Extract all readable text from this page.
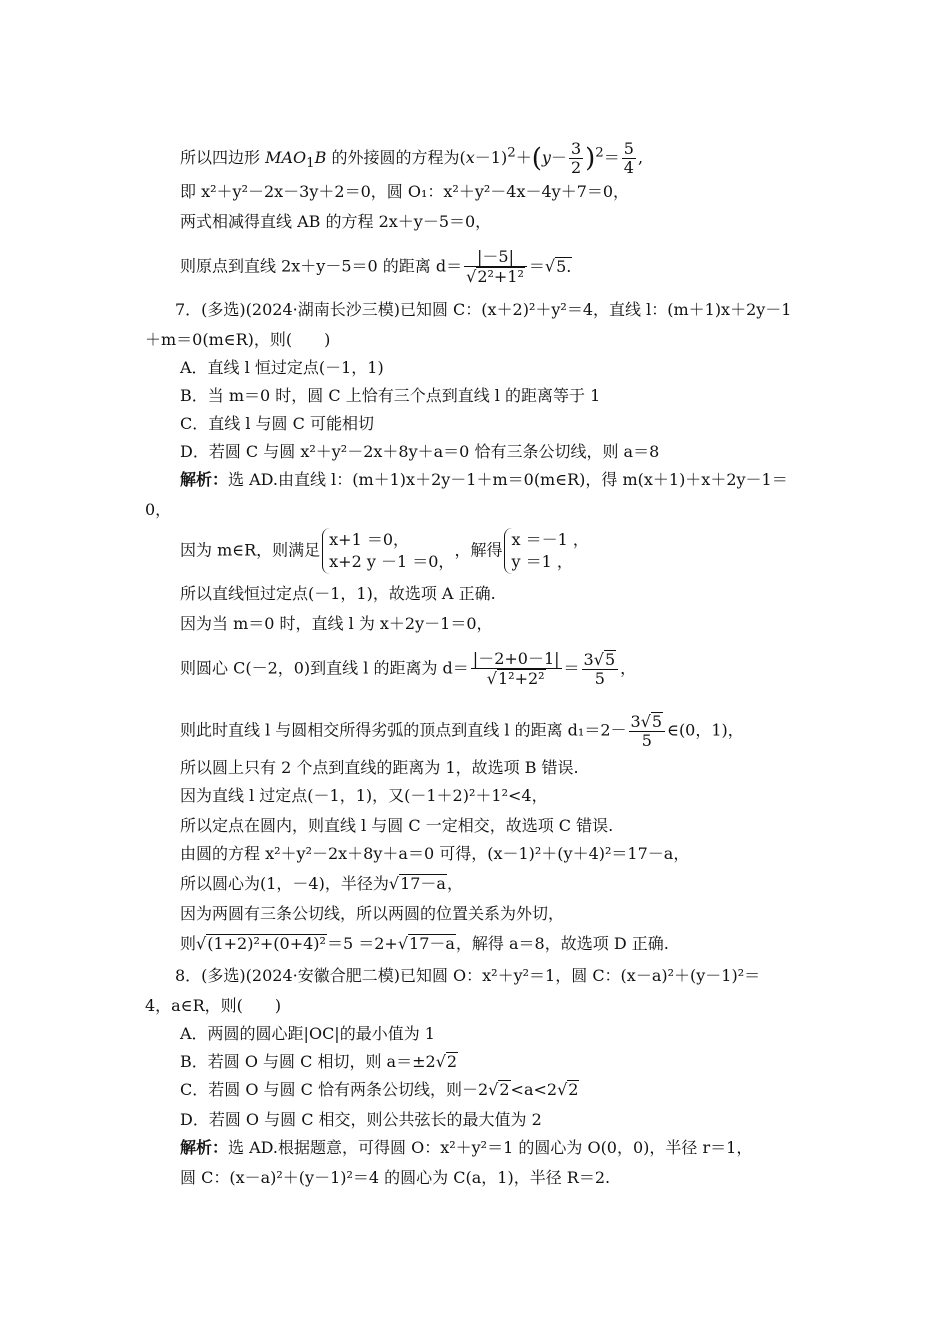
所以四边形 $MAO_1B$ 的外接圆的方程为$(x-1)^2+(y- \frac{3}{2} )^2= \frac{5}{4}$ ,
即 x²＋y²－2x－3y＋2＝0，圆 O₁：x²＋y²－4x－4y＋7＝0，
两式相减得直线 AB 的方程 2x＋y－5＝0，
则原点到直线 2x＋y－5＝0 的距离 $d= \frac{|-5|}{\text{√2²+1²}} =√5$.
7．(多选)(2024·湖南长沙三模)已知圆 C：(x＋2)²＋y²＝4，直线 l：(m＋1)x＋2y－1
＋m＝0(m∈R)，则(　　)
A．直线 l 恒过定点(－1，1)
B．当 m＝0 时，圆 C 上恰有三个点到直线 l 的距离等于 1
C．直线 l 与圆 C 可能相切
D．若圆 C 与圆 x²＋y²－2x＋8y＋a＝0 恰有三条公切线，则 a＝8
解析：选 AD.由直线 l：(m＋1)x＋2y－1＋m＝0(m∈R)，得 m(x＋1)＋x＋2y－1＝
0，
因为 m∈R，则满足
x+1 ＝0，
x+2 y －1 ＝0，
，解得
x ＝－1 ，
y ＝1 ，
所以直线恒过定点(－1，1)，故选项 A 正确.
因为当 m＝0 时，直线 l 为 x＋2y－1＝0，
则圆心 C(－2，0)到直线 l 的距离为 $d= \frac{|-2+0-1|}{\text{√1²+2²}} = \frac{3√5}{5}$ ，
则此时直线 l 与圆相交所得劣弧的顶点到直线 l 的距离 $d_1=2- \frac{3√5}{5}$ ∈(0，1)，
所以圆上只有 2 个点到直线的距离为 1，故选项 B 错误.
因为直线 l 过定点(－1，1)，又(－1＋2)²＋1²<4，
所以定点在圆内，则直线 l 与圆 C 一定相交，故选项 C 错误.
由圆的方程 x²＋y²－2x＋8y＋a＝0 可得，(x－1)²＋(y＋4)²＝17－a，
所以圆心为(1，－4)，半径为√17－a，
因为两圆有三条公切线，所以两圆的位置关系为外切，
则√(1+2)²+(0+4)²＝5 ＝2+√17－a，解得 a＝8，故选项 D 正确.
8．(多选)(2024·安徽合肥二模)已知圆 O：x²＋y²＝1，圆 C：(x－a)²＋(y－1)²＝
4，a∈R，则(　　)
A．两圆的圆心距|OC|的最小值为 1
B．若圆 O 与圆 C 相切，则 a＝±2√2
C．若圆 O 与圆 C 恰有两条公切线，则－2√2<a<2√2
D．若圆 O 与圆 C 相交，则公共弦长的最大值为 2
解析：选 AD.根据题意，可得圆 O：x²＋y²＝1 的圆心为 O(0，0)，半径 r＝1，
圆 C：(x－a)²＋(y－1)²＝4 的圆心为 C(a，1)，半径 R＝2.
